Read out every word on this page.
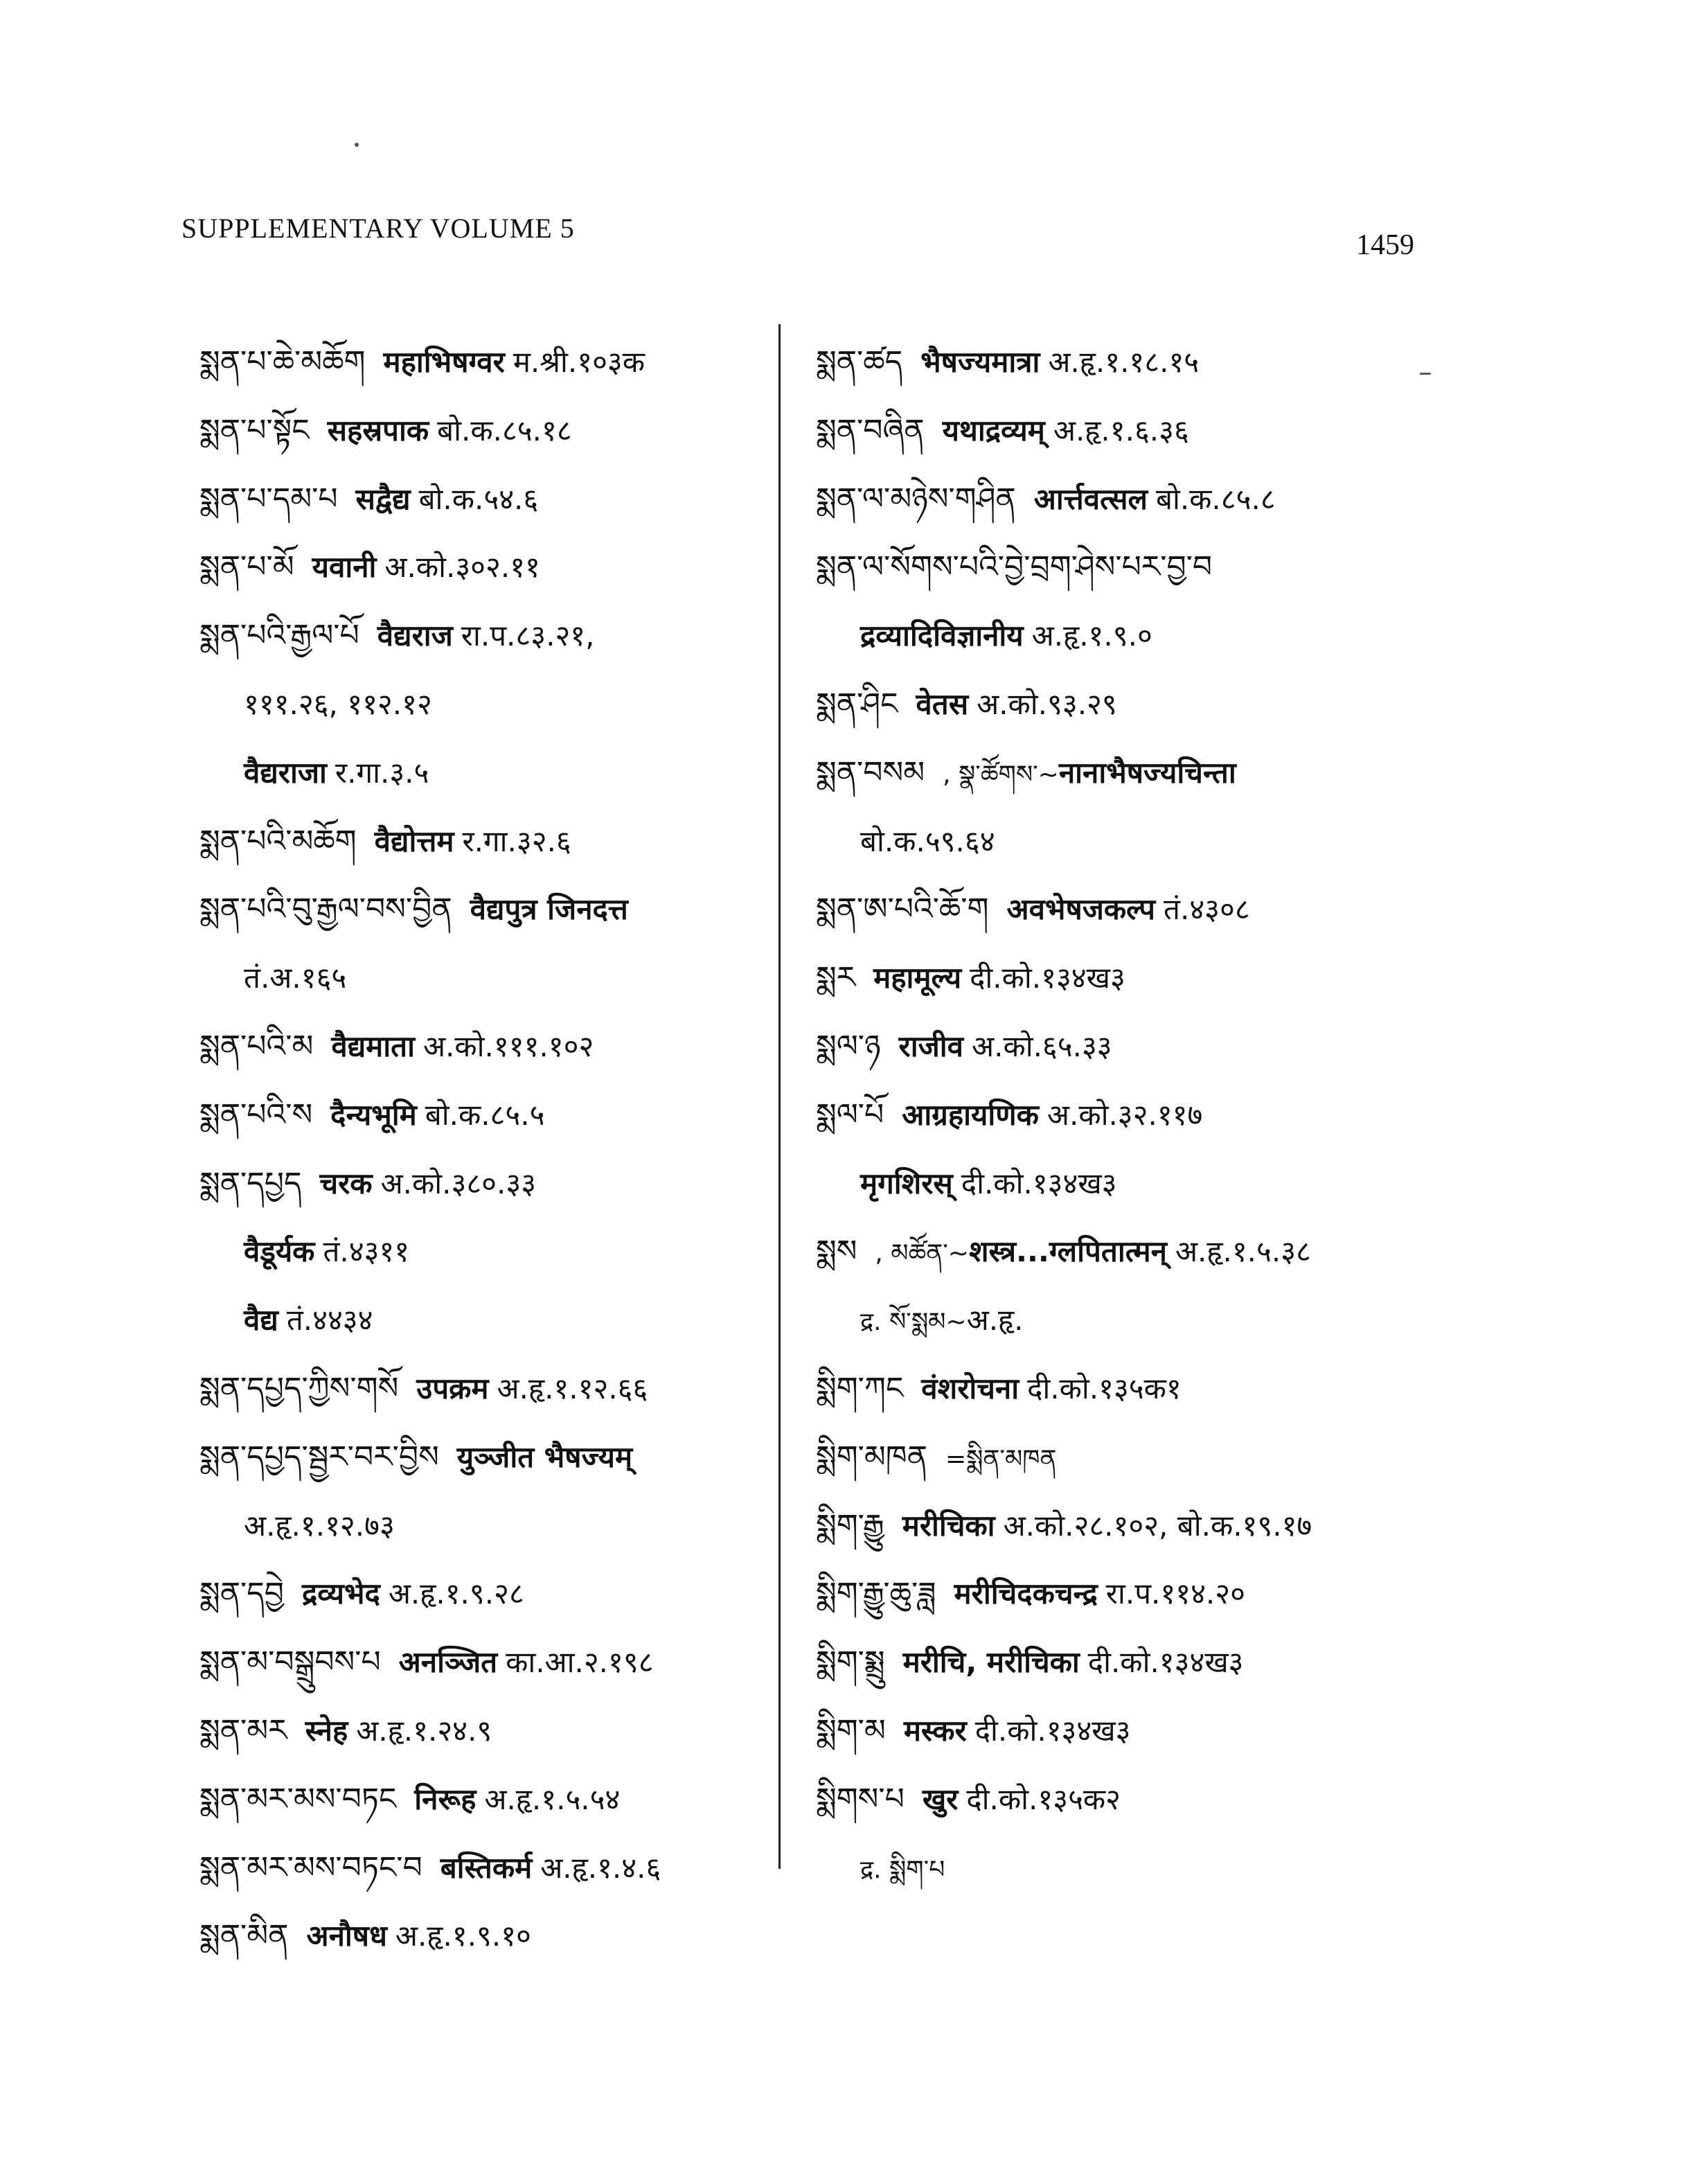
SUPPLEMENTARY VOLUME 5
1459
སྨན་པ་ཆེ་མཆོག महाभिषग्वर म.श्री.१०३क
སྨན་པ་སྟོང सहस्रपाक बो.क.८५.१८
སྨན་པ་དམ་པ सद्वैद्य बो.क.५४.६
སྨན་པ་མོ यवानी अ.को.३०२.११
སྨན་པའི་རྒྱལ་པོ वैद्यराज रा.प.८३.२१,
१११.२६, ११२.१२
वैद्यराजा र.गा.३.५
སྨན་པའི་མཆོག वैद्योत्तम र.गा.३२.६
སྨན་པའི་བུ་རྒྱལ་བས་བྱིན वैद्यपुत्र जिनदत्त
तं.अ.१६५
སྨན་པའི་མ वैद्यमाता अ.को.१११.१०२
སྨན་པའི་ས दैन्यभूमि बो.क.८५.५
སྨན་དཔྱད चरक अ.को.३८०.३३
वैडूर्यक तं.४३११
वैद्य तं.४४३४
སྨན་དཔྱད་ཀྱིས་གསོ उपक्रम अ.हृ.१.१२.६६
སྨན་དཔྱད་སྦྱར་བར་བྱིས युञ्जीत भैषज्यम्
अ.हृ.१.१२.७३
སྨན་དབྱེ द्रव्यभेद अ.हृ.१.९.२८
སྨན་མ་བསྒྲུབས་པ अनञ्जित का.आ.२.१९८
སྨན་མར स्नेह अ.हृ.१.२४.९
སྨན་མར་མས་བཏང निरूह अ.हृ.१.५.५४
སྨན་མར་མས་བཏང་བ बस्तिकर्म अ.हृ.१.४.६
སྨན་མིན अनौषध अ.हृ.१.९.१०
སྨན་ཚད भैषज्यमात्रा अ.हृ.१.१८.१५
སྨན་བཞིན यथाद्रव्यम् अ.हृ.१.६.३६
སྨན་ལ་མཉེས་གཤིན आर्त्तवत्सल बो.क.८५.८
སྨན་ལ་སོགས་པའི་བྱེ་བྲག་ཤེས་པར་བྱ་བ
द्रव्यादिविज्ञानीय अ.हृ.१.९.०
སྨན་ཤིང वेतस अ.को.९३.२९
སྨན་བསམ , སྣ་ཚོགས་~नानाभैषज्यचिन्ता
बो.क.५९.६४
སྨན་ཨ་པའི་ཆོ་ག अवभेषजकल्प तं.४३०८
སྨར महामूल्य दी.को.१३४ख३
སྨལ་ཉ राजीव अ.को.६५.३३
སྨལ་པོ आग्रहायणिक अ.को.३२.११७
मृगशिरस् दी.को.१३४ख३
སྨས , མཚོན་~शस्त्र...ग्लपितात्मन् अ.हृ.१.५.३८
द्र. སོ་སྨམ~अ.हृ.
སྨིག་ཀང वंशरोचना दी.को.१३५क१
སྨིག་མཁན =སྨིན་མཁན
སྨིག་རྒྱུ मरीचिका अ.को.२८.१०२, बो.क.१९.१७
སྨིག་རྒྱུ་ཆུ་ཟླ मरीचिदकचन्द्र रा.प.११४.२०
སྨིག་སྨྲུ मरीचि, मरीचिका दी.को.१३४ख३
སྨིག་མ मस्कर दी.को.१३४ख३
སྨིགས་པ खुर दी.को.१३५क२
द्र. སྨིག་པ
